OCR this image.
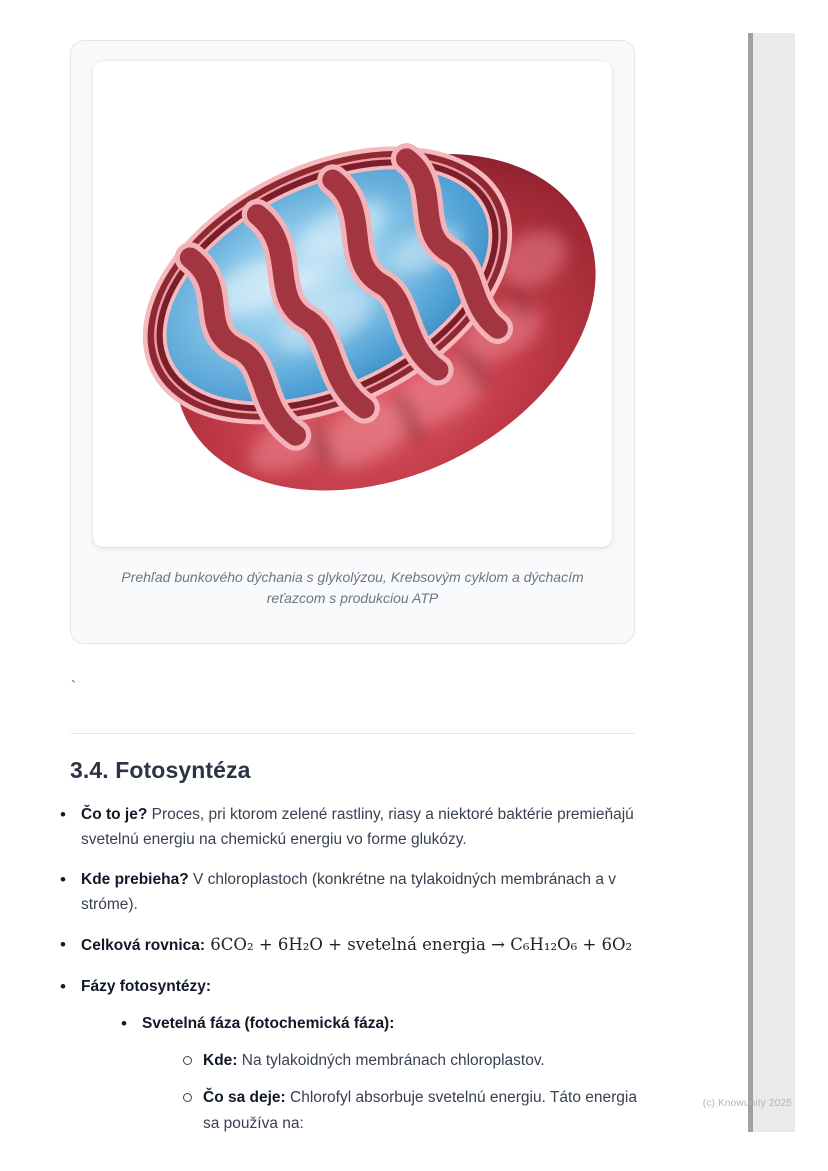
Prehľad bunkového dýchania s glykolýzou, Krebsovým cyklom a dýchacím reťazcom s produkciou ATP
`
3.4. Fotosyntéza
• Čo to je? Proces, pri ktorom zelené rastliny, riasy a niektoré baktérie premieňajú svetelnú energiu na chemickú energiu vo forme glukózy.
• Kde prebieha? V chloroplastoch (konkrétne na tylakoidných membránach a v stróme).
• Celková rovnica: 6CO₂ + 6H₂O + svetelná energia → C₆H₁₂O₆ + 6O₂
• Fázy fotosyntézy:
• Svetelná fáza (fotochemická fáza):
Kde: Na tylakoidných membránach chloroplastov.
Čo sa deje: Chlorofyl absorbuje svetelnú energiu. Táto energia sa používa na:
(c) Knowunity 2025
